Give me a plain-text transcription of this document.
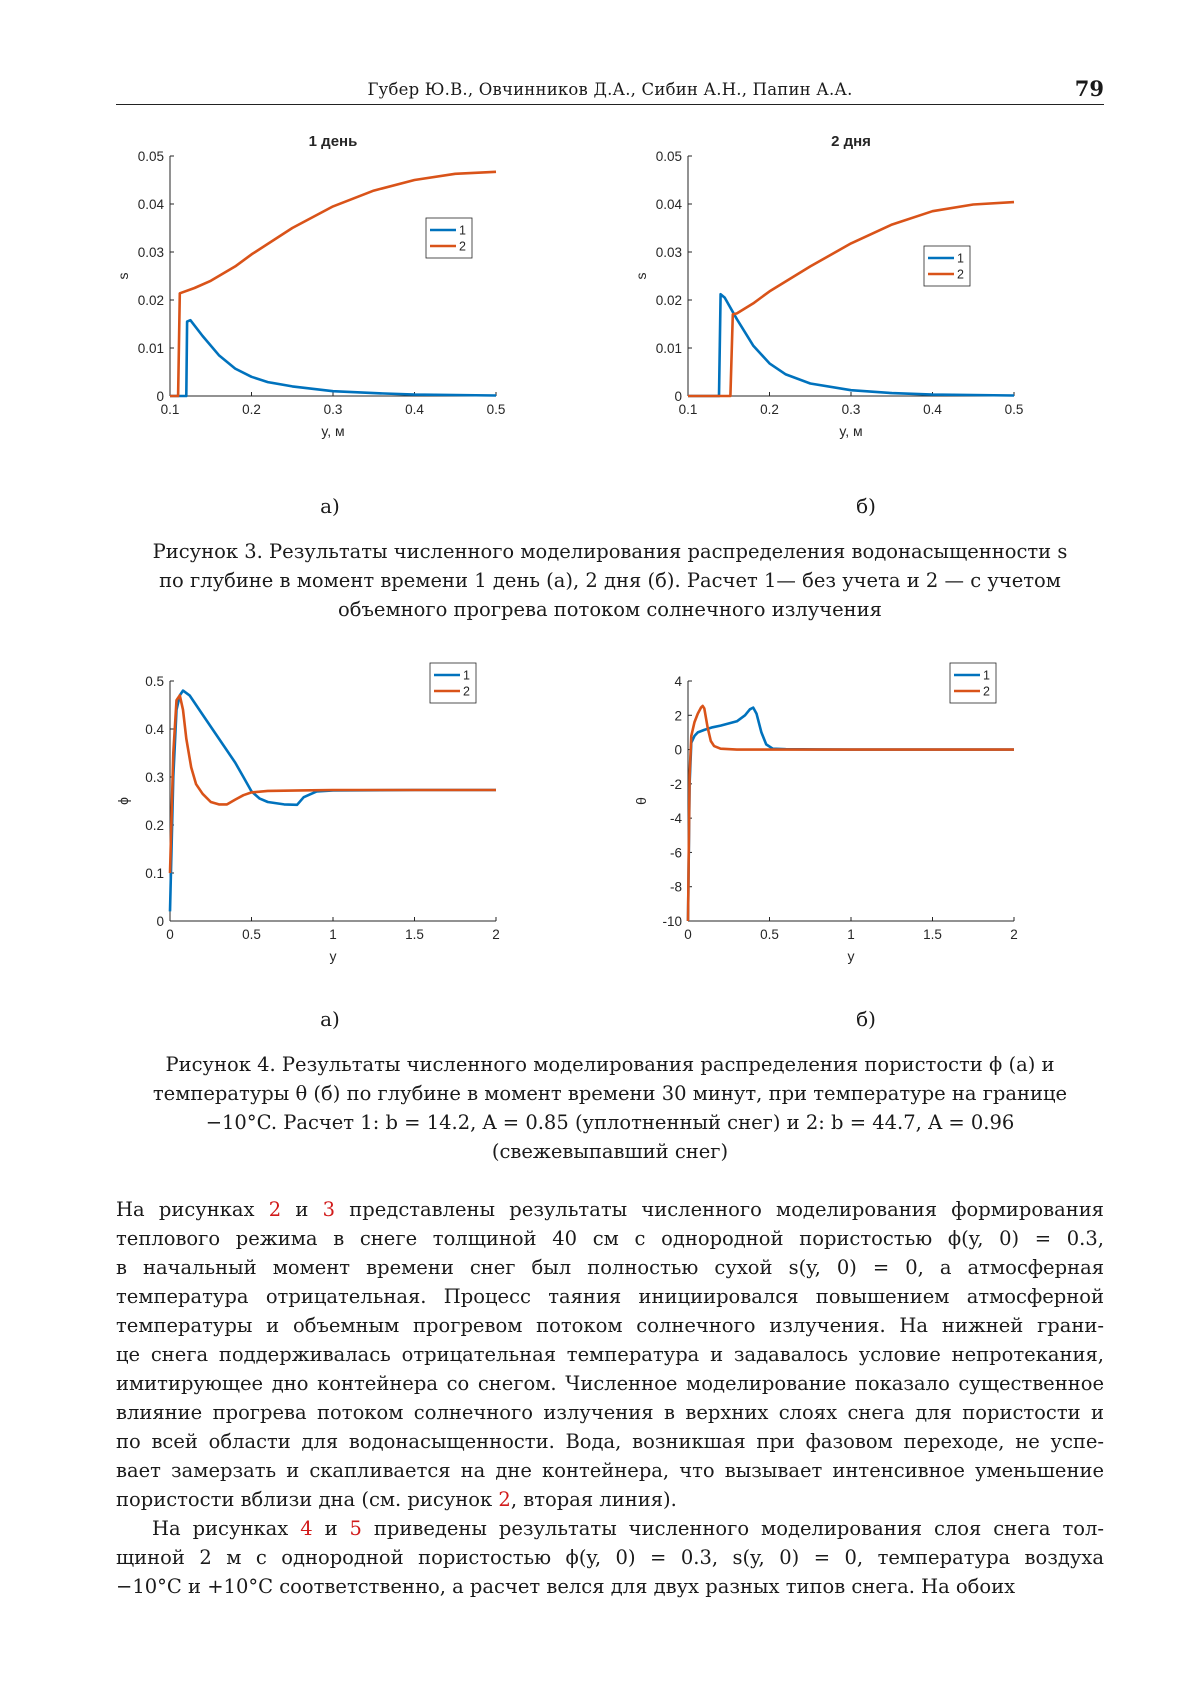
Губер Ю.В., Овчинников Д.А., Сибин А.Н., Папин А.А.	79
1 день
0.1	0.2	0.3	0.4	0.5
0
0.01
0.02
0.03
0.04
0.05
y, м
s
1
2
2 дня
0.1	0.2	0.3	0.4	0.5
0
0.01
0.02
0.03
0.04
0.05
y, м
s
1
2
а)	б)
Рисунок 3. Результаты численного моделирования распределения водонасыщенности s
по глубине в момент времени 1 день (а), 2 дня (б). Расчет 1— без учета и 2 — с учетом
объемного прогрева потоком солнечного излучения
0	0.5	1	1.5	2
0
0.1
0.2
0.3
0.4
0.5
y
ϕ
1
2
0	0.5	1	1.5	2
-10
-8
-6
-4
-2
0
2
4
y
θ
1
2
а)	б)
Рисунок 4. Результаты численного моделирования распределения пористости ϕ (а) и
температуры θ (б) по глубине в момент времени 30 минут, при температуре на границе
−10°C. Расчет 1: b = 14.2, A = 0.85 (уплотненный снег) и 2: b = 44.7, A = 0.96
(свежевыпавший снег)
На рисунках 2 и 3 представлены результаты численного моделирования формирования
теплового режима в снеге толщиной 40 см с однородной пористостью ϕ(y, 0) = 0.3,
в начальный момент времени снег был полностью сухой s(y, 0) = 0, а атмосферная
температура отрицательная. Процесс таяния инициировался повышением атмосферной
температуры и объемным прогревом потоком солнечного излучения. На нижней грани-
це снега поддерживалась отрицательная температура и задавалось условие непротекания,
имитирующее дно контейнера со снегом. Численное моделирование показало существенное
влияние прогрева потоком солнечного излучения в верхних слоях снега для пористости и
по всей области для водонасыщенности. Вода, возникшая при фазовом переходе, не успе-
вает замерзать и скапливается на дне контейнера, что вызывает интенсивное уменьшение
пористости вблизи дна (см. рисунок 2, вторая линия).
На рисунках 4 и 5 приведены результаты численного моделирования слоя снега тол-
щиной 2 м с однородной пористостью ϕ(y, 0) = 0.3, s(y, 0) = 0, температура воздуха
−10°C и +10°C соответственно, а расчет велся для двух разных типов снега. На обоих
